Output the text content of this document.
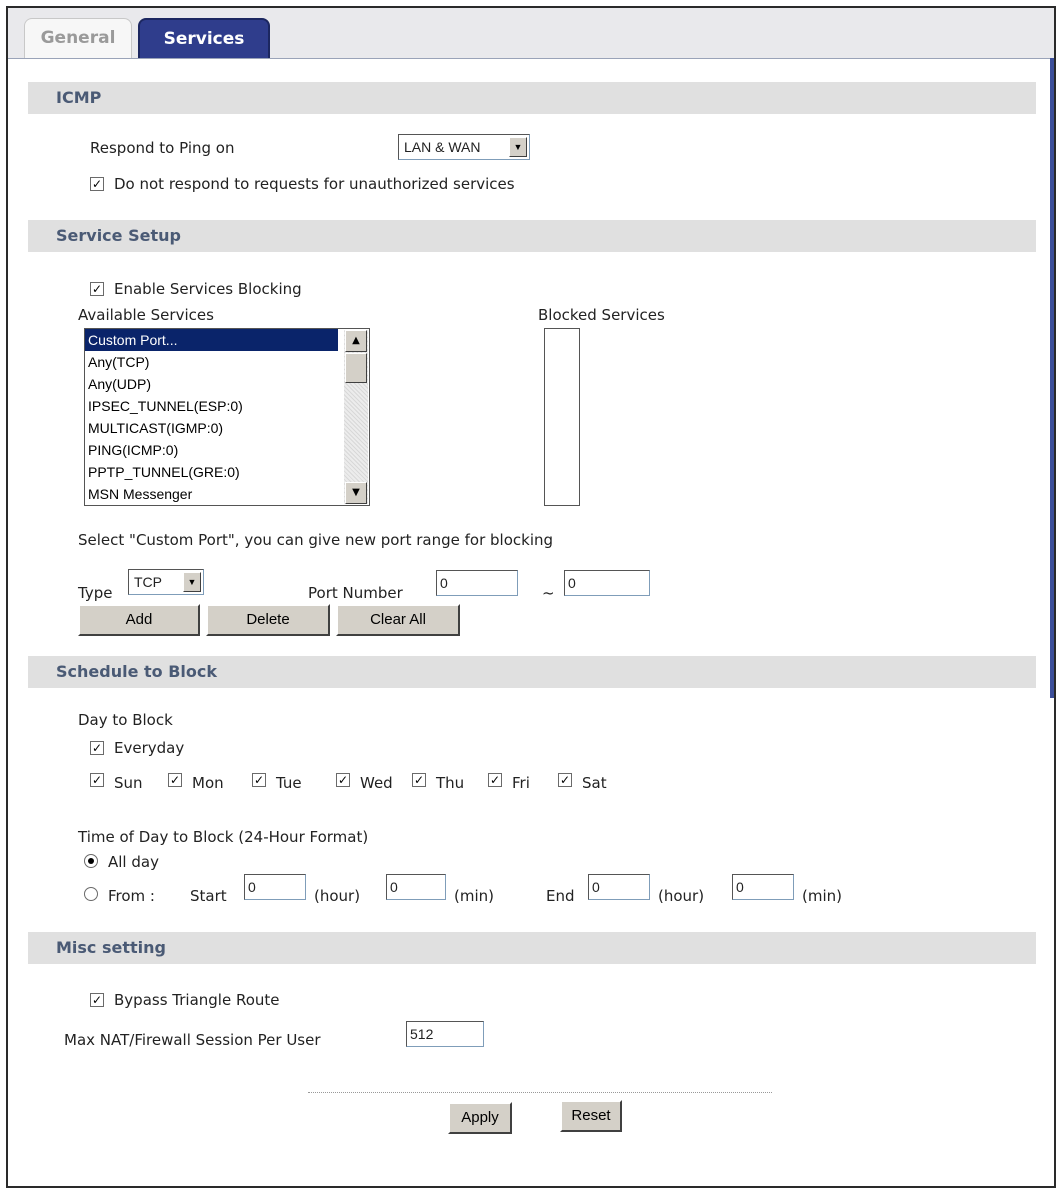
General	Services
ICMP
Respond to Ping on	LAN & WAN	▼
✓ Do not respond to requests for unauthorized services
Service Setup
✓ Enable Services Blocking
Available Services	Blocked Services
Custom Port...
Any(TCP)
Any(UDP)
IPSEC_TUNNEL(ESP:0)
MULTICAST(IGMP:0)
PING(ICMP:0)
PPTP_TUNNEL(GRE:0)
MSN Messenger
▲
▼
Select "Custom Port", you can give new port range for blocking
Type
TCP	▼
Port Number
0
~
0
Add	Delete	Clear All
Schedule to Block
Day to Block
✓ Everyday
✓ Sun ✓ Mon	✓ Tue	✓ Wed ✓ Thu ✓ Fri	✓ Sat
Time of Day to Block (24-Hour Format)
All day
From : Start 0	(hour) 0	(min)	End 0	(hour) 0	(min)
Misc setting
✓ Bypass Triangle Route
Max NAT/Firewall Session Per User	512
Apply	Reset
